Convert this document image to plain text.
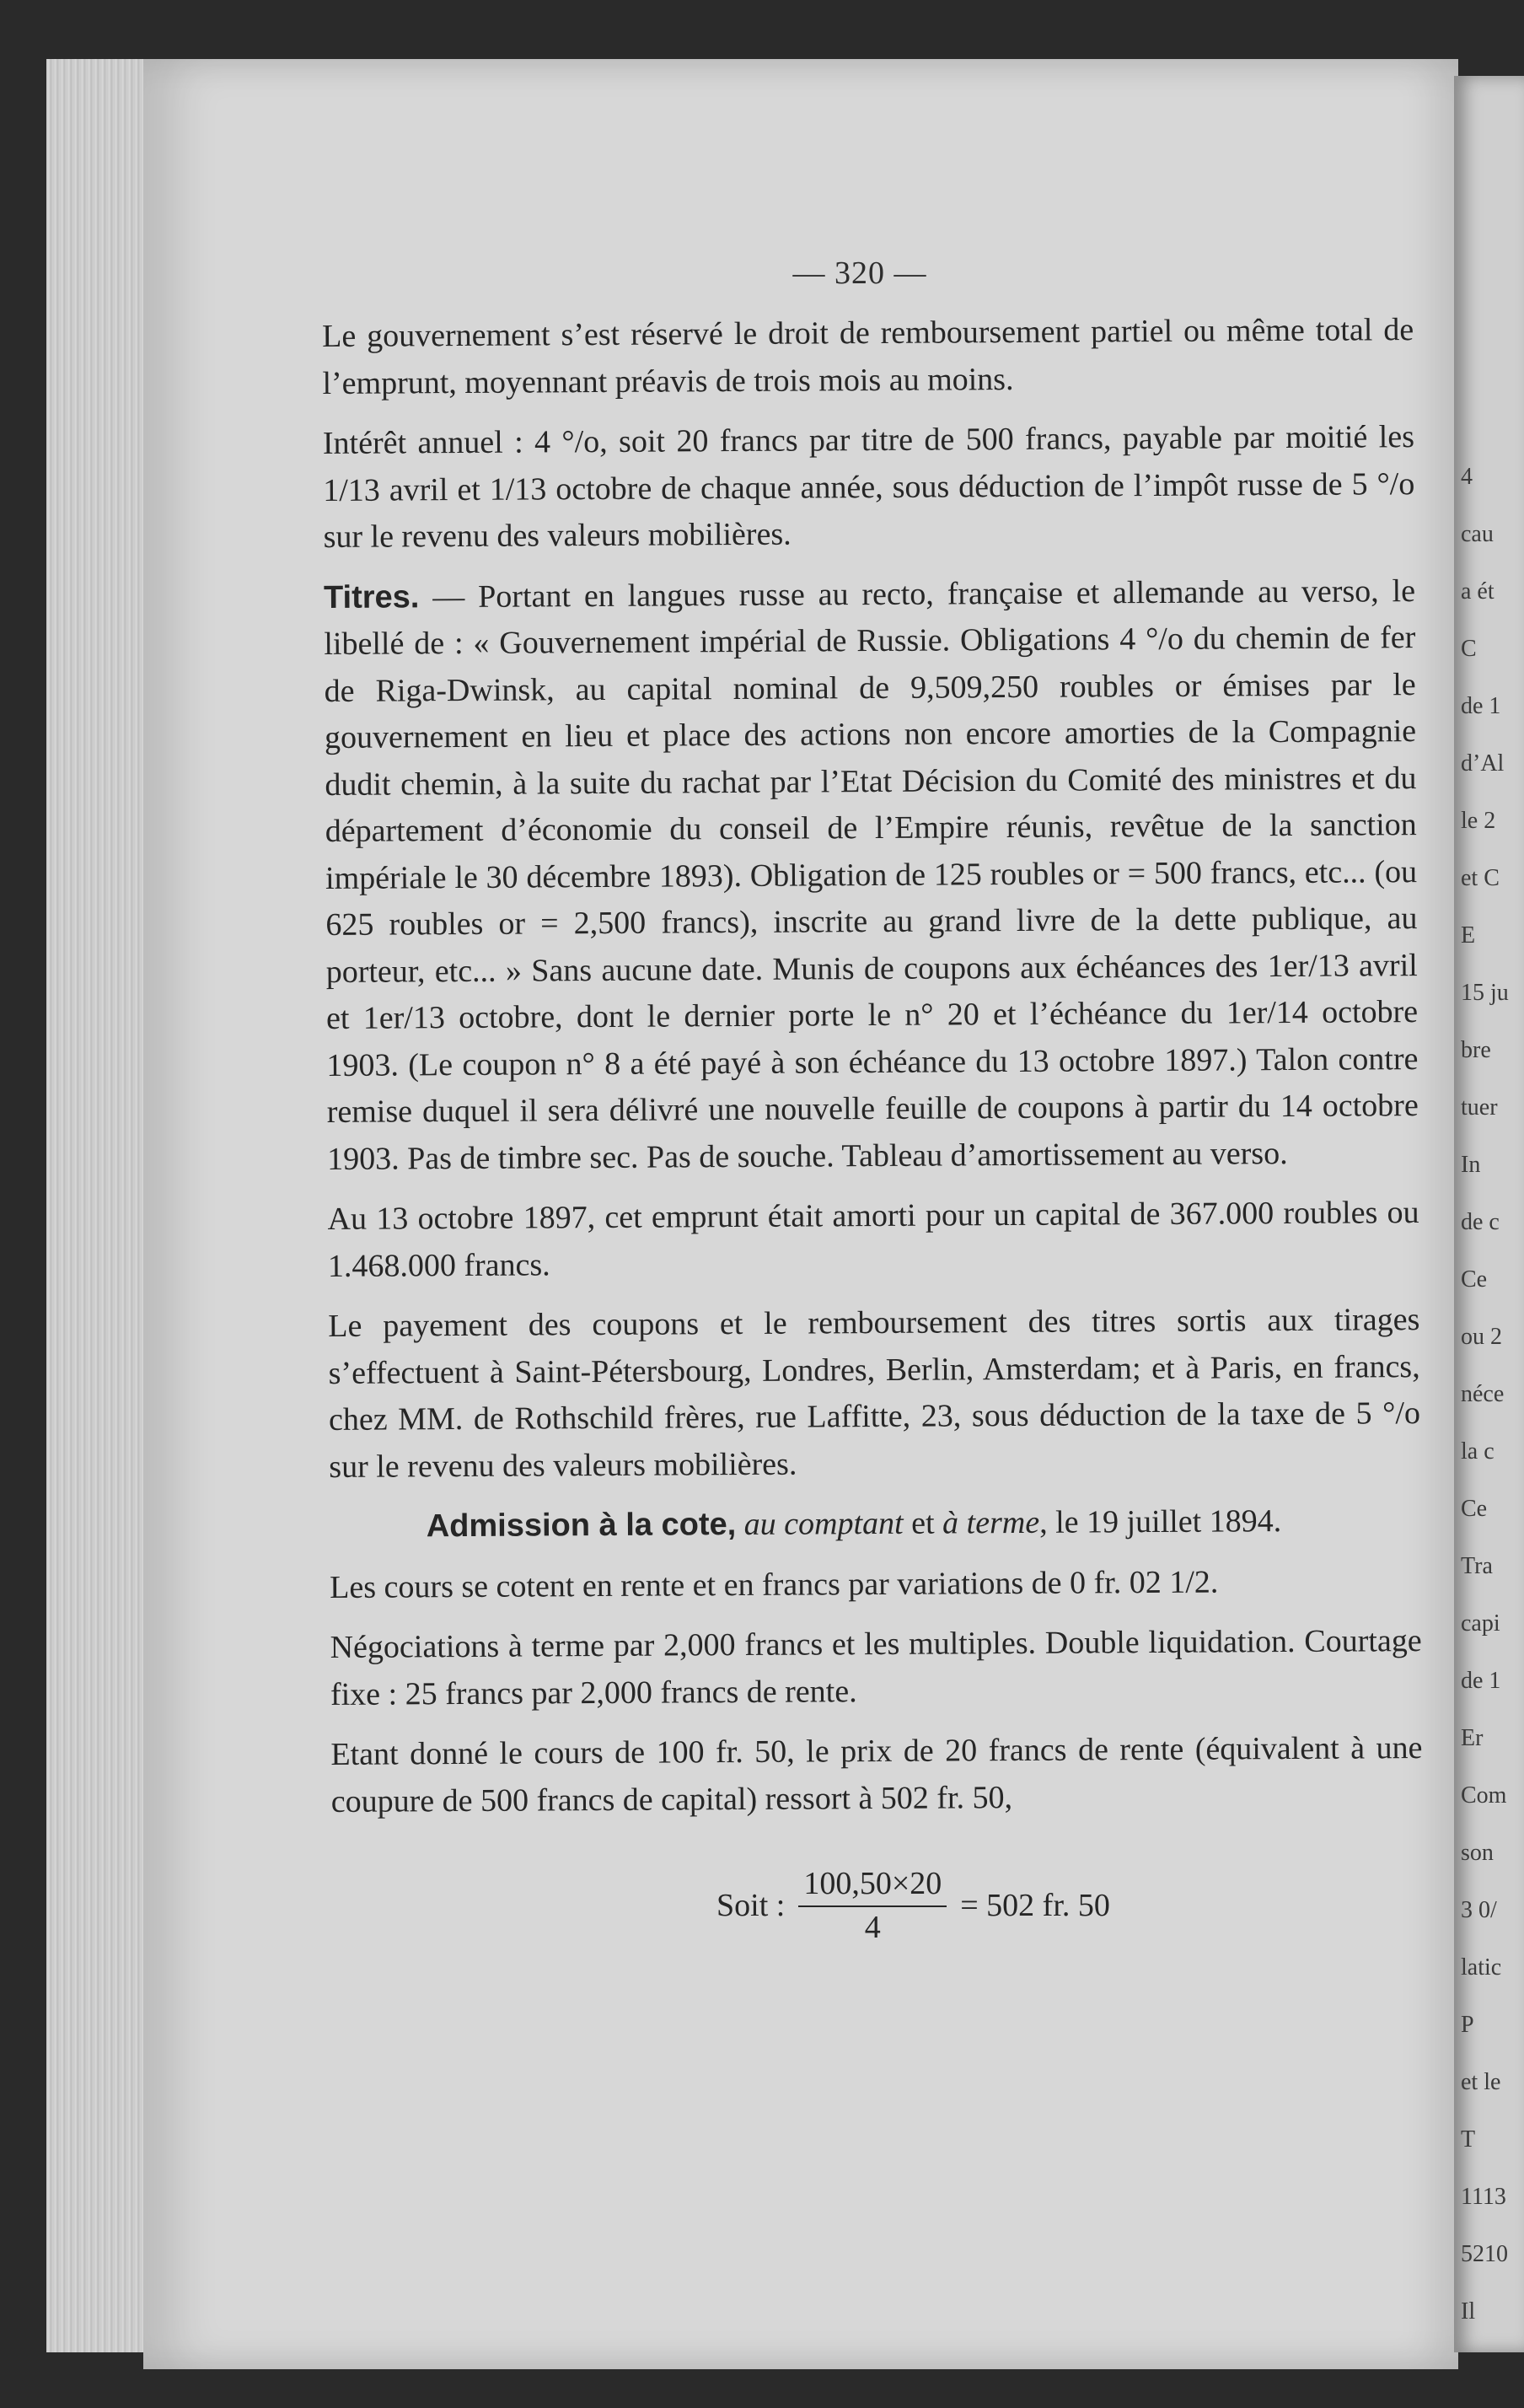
4
cau
a ét
C
de 1
d’Al
le 2
et C
E
15 ju
bre
tuer
In
de c
Ce
ou 2
néce
la c
Ce
Tra
capi
de 1
Er
Com
son
3 0/
latic
P
et le
T
1113
5210
Il
— 320 —

Le gouvernement s’est réservé le droit de remboursement partiel ou même total de l’emprunt, moyennant préavis de trois mois au moins.

Intérêt annuel : 4 °/o, soit 20 francs par titre de 500 francs, payable par moitié les 1/13 avril et 1/13 octobre de chaque année, sous déduction de l’impôt russe de 5 °/o sur le revenu des valeurs mobilières.

Titres. — Portant en langues russe au recto, française et allemande au verso, le libellé de : « Gouvernement impérial de Russie. Obligations 4 °/o du chemin de fer de Riga-Dwinsk, au capital nominal de 9,509,250 roubles or émises par le gouvernement en lieu et place des actions non encore amorties de la Compagnie dudit chemin, à la suite du rachat par l’Etat Décision du Comité des ministres et du département d’économie du conseil de l’Empire réunis, revêtue de la sanction impériale le 30 décembre 1893). Obligation de 125 roubles or = 500 francs, etc... (ou 625 roubles or = 2,500 francs), inscrite au grand livre de la dette publique, au porteur, etc... » Sans aucune date. Munis de coupons aux échéances des 1er/13 avril et 1er/13 octobre, dont le dernier porte le n° 20 et l’échéance du 1er/14 octobre 1903. (Le coupon n° 8 a été payé à son échéance du 13 octobre 1897.) Talon contre remise duquel il sera délivré une nouvelle feuille de coupons à partir du 14 octobre 1903. Pas de timbre sec. Pas de souche. Tableau d’amortissement au verso.

Au 13 octobre 1897, cet emprunt était amorti pour un capital de 367.000 roubles ou 1.468.000 francs.

Le payement des coupons et le remboursement des titres sortis aux tirages s’effectuent à Saint-Pétersbourg, Londres, Berlin, Amsterdam; et à Paris, en francs, chez MM. de Rothschild frères, rue Laffitte, 23, sous déduction de la taxe de 5 °/o sur le revenu des valeurs mobilières.

Admission à la cote, au comptant et à terme, le 19 juillet 1894.

Les cours se cotent en rente et en francs par variations de 0 fr. 02 1/2.

Négociations à terme par 2,000 francs et les multiples. Double liquidation. Courtage fixe : 25 francs par 2,000 francs de rente.

Etant donné le cours de 100 fr. 50, le prix de 20 francs de rente (équivalent à une coupure de 500 francs de capital) ressort à 502 fr. 50,

Soit : $\frac{100,50\times 20}{4} = 502$ fr. 50
